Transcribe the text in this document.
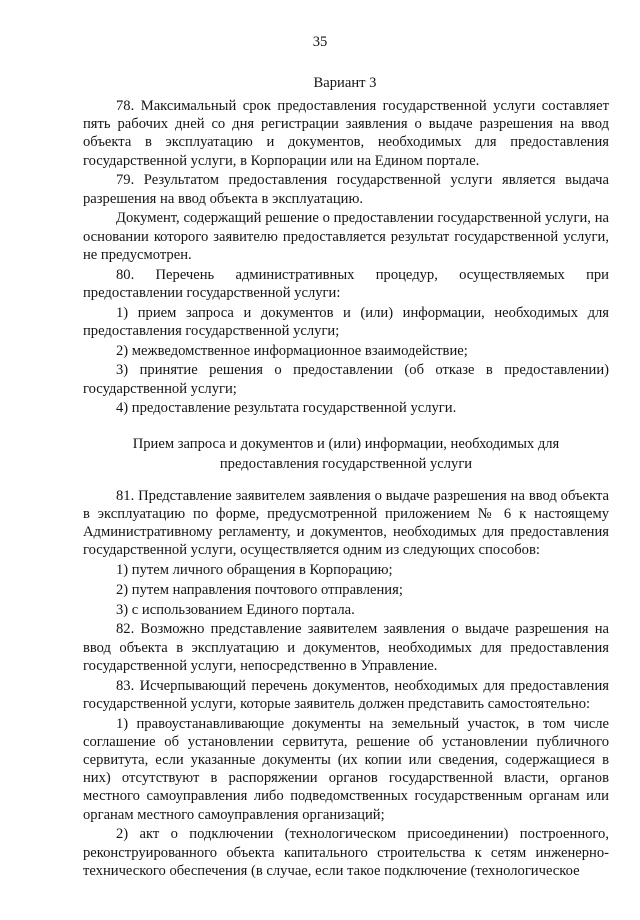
35
Вариант 3

78. Максимальный срок предоставления государственной услуги составляет пять рабочих дней со дня регистрации заявления о выдаче разрешения на ввод объекта в эксплуатацию и документов, необходимых для предоставления государственной услуги, в Корпорации или на Едином портале.

79. Результатом предоставления государственной услуги является выдача разрешения на ввод объекта в эксплуатацию.

Документ, содержащий решение о предоставлении государственной услуги, на основании которого заявителю предоставляется результат государственной услуги, не предусмотрен.

80. Перечень административных процедур, осуществляемых при предоставлении государственной услуги:

1) прием запроса и документов и (или) информации, необходимых для предоставления государственной услуги;

2) межведомственное информационное взаимодействие;

3) принятие решения о предоставлении (об отказе в предоставлении) государственной услуги;

4) предоставление результата государственной услуги.

Прием запроса и документов и (или) информации, необходимых для предоставления государственной услуги

81. Представление заявителем заявления о выдаче разрешения на ввод объекта в эксплуатацию по форме, предусмотренной приложением № 6 к настоящему Административному регламенту, и документов, необходимых для предоставления государственной услуги, осуществляется одним из следующих способов:

1) путем личного обращения в Корпорацию;

2) путем направления почтового отправления;

3) с использованием Единого портала.

82. Возможно представление заявителем заявления о выдаче разрешения на ввод объекта в эксплуатацию и документов, необходимых для предоставления государственной услуги, непосредственно в Управление.

83. Исчерпывающий перечень документов, необходимых для предоставления государственной услуги, которые заявитель должен представить самостоятельно:

1) правоустанавливающие документы на земельный участок, в том числе соглашение об установлении сервитута, решение об установлении публичного сервитута, если указанные документы (их копии или сведения, содержащиеся в них) отсутствуют в распоряжении органов государственной власти, органов местного самоуправления либо подведомственных государственным органам или органам местного самоуправления организаций;

2) акт о подключении (технологическом присоединении) построенного, реконструированного объекта капитального строительства к сетям инженерно-технического обеспечения (в случае, если такое подключение (технологическое
